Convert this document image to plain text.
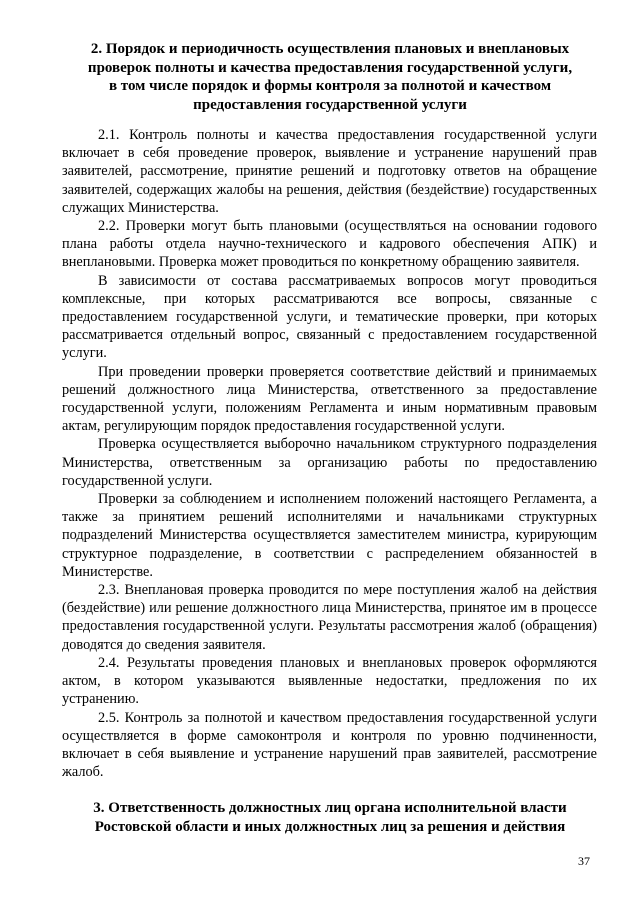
2. Порядок и периодичность осуществления плановых и внеплановых
проверок полноты и качества предоставления государственной услуги,
в том числе порядок и формы контроля за полнотой и качеством
предоставления государственной услуги

2.1. Контроль полноты и качества предоставления государственной услуги включает в себя проведение проверок, выявление и устранение нарушений прав заявителей, рассмотрение, принятие решений и подготовку ответов на обращение заявителей, содержащих жалобы на решения, действия (бездействие) государственных служащих Министерства.

2.2. Проверки могут быть плановыми (осуществляться на основании годового плана работы отдела научно-технического и кадрового обеспечения АПК) и внеплановыми. Проверка может проводиться по конкретному обращению заявителя.

В зависимости от состава рассматриваемых вопросов могут проводиться комплексные, при которых рассматриваются все вопросы, связанные с предоставлением государственной услуги, и тематические проверки, при которых рассматривается отдельный вопрос, связанный с предоставлением государственной услуги.

При проведении проверки проверяется соответствие действий и принимаемых решений должностного лица Министерства, ответственного за предоставление государственной услуги, положениям Регламента и иным нормативным правовым актам, регулирующим порядок предоставления государственной услуги.

Проверка осуществляется выборочно начальником структурного подразделения Министерства, ответственным за организацию работы по предоставлению государственной услуги.

Проверки за соблюдением и исполнением положений настоящего Регламента, а также за принятием решений исполнителями и начальниками структурных подразделений Министерства осуществляется заместителем министра, курирующим структурное подразделение, в соответствии с распределением обязанностей в Министерстве.

2.3. Внеплановая проверка проводится по мере поступления жалоб на действия (бездействие) или решение должностного лица Министерства, принятое им в процессе предоставления государственной услуги. Результаты рассмотрения жалоб (обращения) доводятся до сведения заявителя.

2.4. Результаты проведения плановых и внеплановых проверок оформляются актом, в котором указываются выявленные недостатки, предложения по их устранению.

2.5. Контроль за полнотой и качеством предоставления государственной услуги осуществляется в форме самоконтроля и контроля по уровню подчиненности, включает в себя выявление и устранение нарушений прав заявителей, рассмотрение жалоб.

3. Ответственность должностных лиц органа исполнительной власти
Ростовской области и иных должностных лиц за решения и действия
37
